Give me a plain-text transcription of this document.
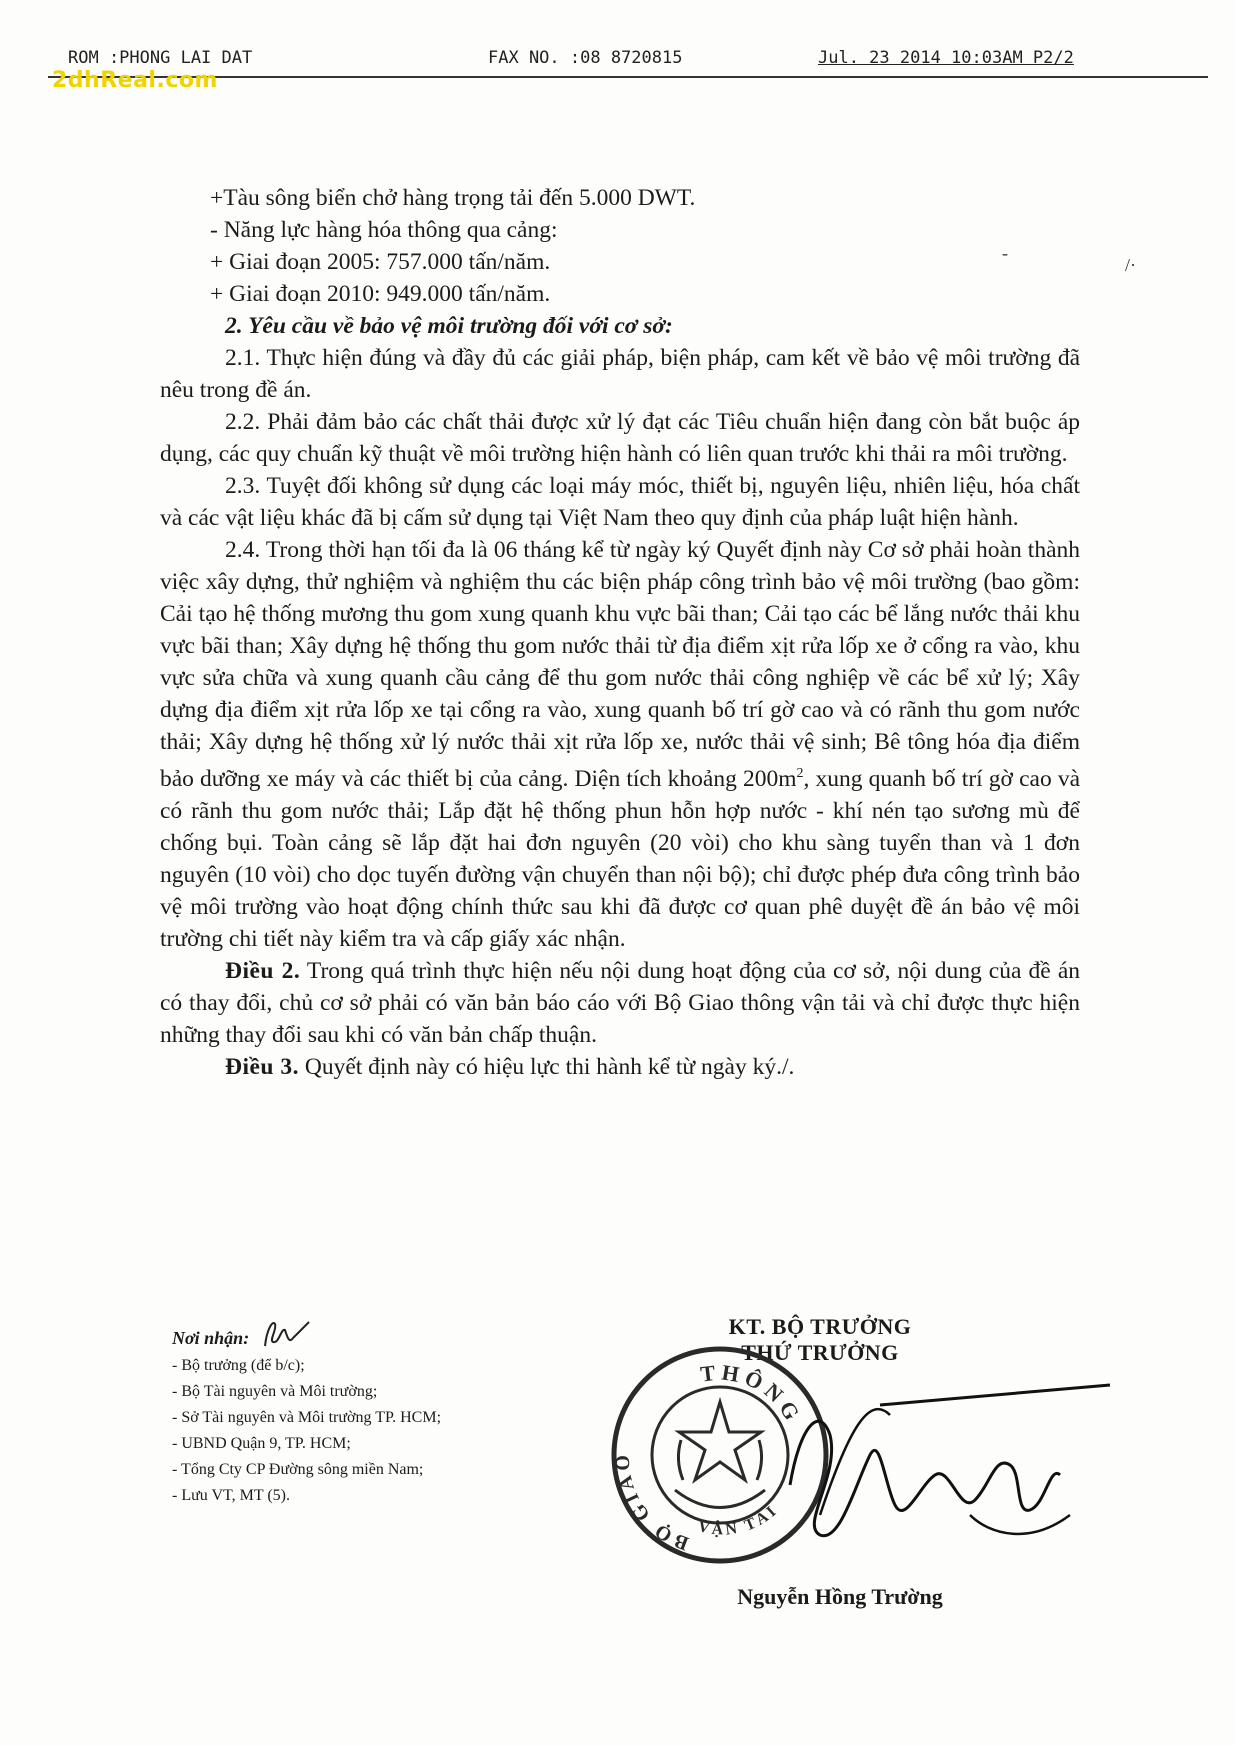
ROM :PHONG LAI DAT	FAX NO. :08 8720815	Jul. 23 2014 10:03AM P2/2
2dhReal.com
-
/·
+Tàu sông biển chở hàng trọng tải đến 5.000 DWT.
- Năng lực hàng hóa thông qua cảng:
+ Giai đoạn 2005: 757.000 tấn/năm.
+ Giai đoạn 2010: 949.000 tấn/năm.
2. Yêu cầu về bảo vệ môi trường đối với cơ sở:

2.1. Thực hiện đúng và đầy đủ các giải pháp, biện pháp, cam kết về bảo vệ môi trường đã nêu trong đề án.

2.2. Phải đảm bảo các chất thải được xử lý đạt các Tiêu chuẩn hiện đang còn bắt buộc áp dụng, các quy chuẩn kỹ thuật về môi trường hiện hành có liên quan trước khi thải ra môi trường.

2.3. Tuyệt đối không sử dụng các loại máy móc, thiết bị, nguyên liệu, nhiên liệu, hóa chất và các vật liệu khác đã bị cấm sử dụng tại Việt Nam theo quy định của pháp luật hiện hành.

2.4. Trong thời hạn tối đa là 06 tháng kể từ ngày ký Quyết định này Cơ sở phải hoàn thành việc xây dựng, thử nghiệm và nghiệm thu các biện pháp công trình bảo vệ môi trường (bao gồm: Cải tạo hệ thống mương thu gom xung quanh khu vực bãi than; Cải tạo các bể lắng nước thải khu vực bãi than; Xây dựng hệ thống thu gom nước thải từ địa điểm xịt rửa lốp xe ở cổng ra vào, khu vực sửa chữa và xung quanh cầu cảng để thu gom nước thải công nghiệp về các bể xử lý; Xây dựng địa điểm xịt rửa lốp xe tại cổng ra vào, xung quanh bố trí gờ cao và có rãnh thu gom nước thải; Xây dựng hệ thống xử lý nước thải xịt rửa lốp xe, nước thải vệ sinh; Bê tông hóa địa điểm bảo dưỡng xe máy và các thiết bị của cảng. Diện tích khoảng $200m^2$, xung quanh bố trí gờ cao và có rãnh thu gom nước thải; Lắp đặt hệ thống phun hỗn hợp nước - khí nén tạo sương mù để chống bụi. Toàn cảng sẽ lắp đặt hai đơn nguyên (20 vòi) cho khu sàng tuyển than và 1 đơn nguyên (10 vòi) cho dọc tuyến đường vận chuyển than nội bộ); chỉ được phép đưa công trình bảo vệ môi trường vào hoạt động chính thức sau khi đã được cơ quan phê duyệt đề án bảo vệ môi trường chi tiết này kiểm tra và cấp giấy xác nhận.

Điều 2. Trong quá trình thực hiện nếu nội dung hoạt động của cơ sở, nội dung của đề án có thay đổi, chủ cơ sở phải có văn bản báo cáo với Bộ Giao thông vận tải và chỉ được thực hiện những thay đổi sau khi có văn bản chấp thuận.

Điều 3. Quyết định này có hiệu lực thi hành kể từ ngày ký./.

Nơi nhận:
- Bộ trưởng (để b/c);
- Bộ Tài nguyên và Môi trường;
- Sở Tài nguyên và Môi trường TP. HCM;
- UBND Quận 9, TP. HCM;
- Tổng Cty CP Đường sông miền Nam;
- Lưu VT, MT (5).
KT. BỘ TRƯỞNG
THỨ TRƯỞNG
THÔNG
BỘ GIAO
VẬN TẢI
Nguyễn Hồng Trường
